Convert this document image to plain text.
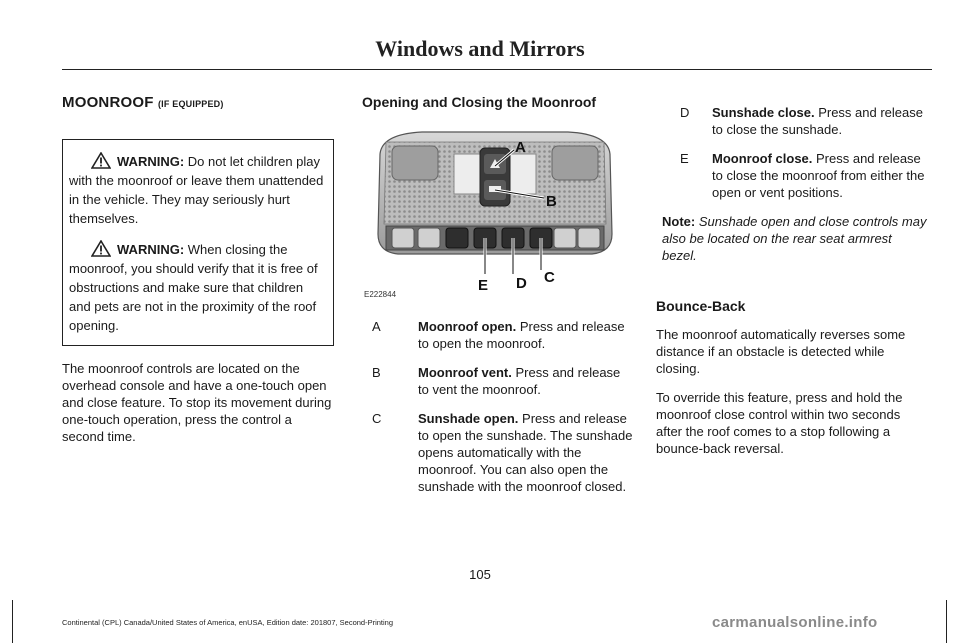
Windows and Mirrors
MOONROOF (IF EQUIPPED)
WARNING: Do not let children play with the moonroof or leave them unattended in the vehicle. They may seriously hurt themselves.
WARNING: When closing the moonroof, you should verify that it is free of obstructions and make sure that children and pets are not in the proximity of the roof opening.

The moonroof controls are located on the overhead console and have a one-touch open and close feature. To stop its movement during one-touch operation, press the control a second time.

Opening and Closing the Moonroof
A
B
C
D
E
E222844
A	Moonroof open. Press and release to open the moonroof.
B	Moonroof vent. Press and release to vent the moonroof.
C	Sunshade open. Press and release to open the sunshade. The sunshade opens automatically with the moonroof. You can also open the sunshade with the moonroof closed.
D	Sunshade close. Press and release to close the sunshade.
E	Moonroof close. Press and release to close the moonroof from either the open or vent positions.

Note: Sunshade open and close controls may also be located on the rear seat armrest bezel.

Bounce-Back

The moonroof automatically reverses some distance if an obstacle is detected while closing.

To override this feature, press and hold the moonroof close control within two seconds after the roof comes to a stop following a bounce-back reversal.

105
Continental (CPL) Canada/United States of America, enUSA, Edition date: 201807, Second-Printing	carmanualsonline.info
